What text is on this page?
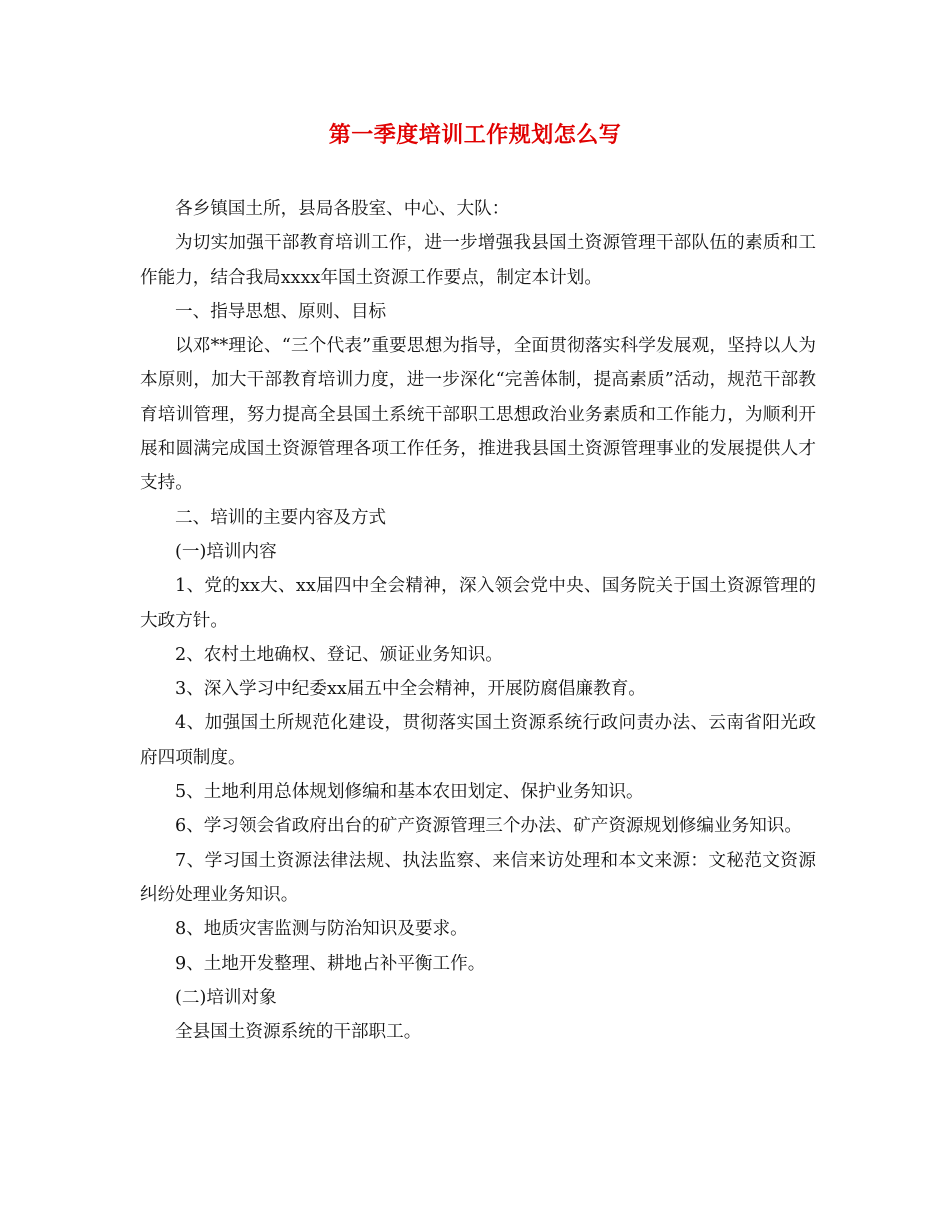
第一季度培训工作规划怎么写

各乡镇国土所，县局各股室、中心、大队：

为切实加强干部教育培训工作，进一步增强我县国土资源管理干部队伍的素质和工作能力，结合我局xxxx年国土资源工作要点，制定本计划。

一、指导思想、原则、目标

以邓**理论、“三个代表”重要思想为指导，全面贯彻落实科学发展观，坚持以人为本原则，加大干部教育培训力度，进一步深化“完善体制，提高素质”活动，规范干部教育培训管理，努力提高全县国土系统干部职工思想政治业务素质和工作能力，为顺利开展和圆满完成国土资源管理各项工作任务，推进我县国土资源管理事业的发展提供人才支持。

二、培训的主要内容及方式

(一)培训内容

1、党的xx大、xx届四中全会精神，深入领会党中央、国务院关于国土资源管理的大政方针。

2、农村土地确权、登记、颁证业务知识。

3、深入学习中纪委xx届五中全会精神，开展防腐倡廉教育。

4、加强国土所规范化建设，贯彻落实国土资源系统行政问责办法、云南省阳光政府四项制度。

5、土地利用总体规划修编和基本农田划定、保护业务知识。

6、学习领会省政府出台的矿产资源管理三个办法、矿产资源规划修编业务知识。

7、学习国土资源法律法规、执法监察、来信来访处理和本文来源：文秘范文资源纠纷处理业务知识。

8、地质灾害监测与防治知识及要求。

9、土地开发整理、耕地占补平衡工作。

(二)培训对象

全县国土资源系统的干部职工。
